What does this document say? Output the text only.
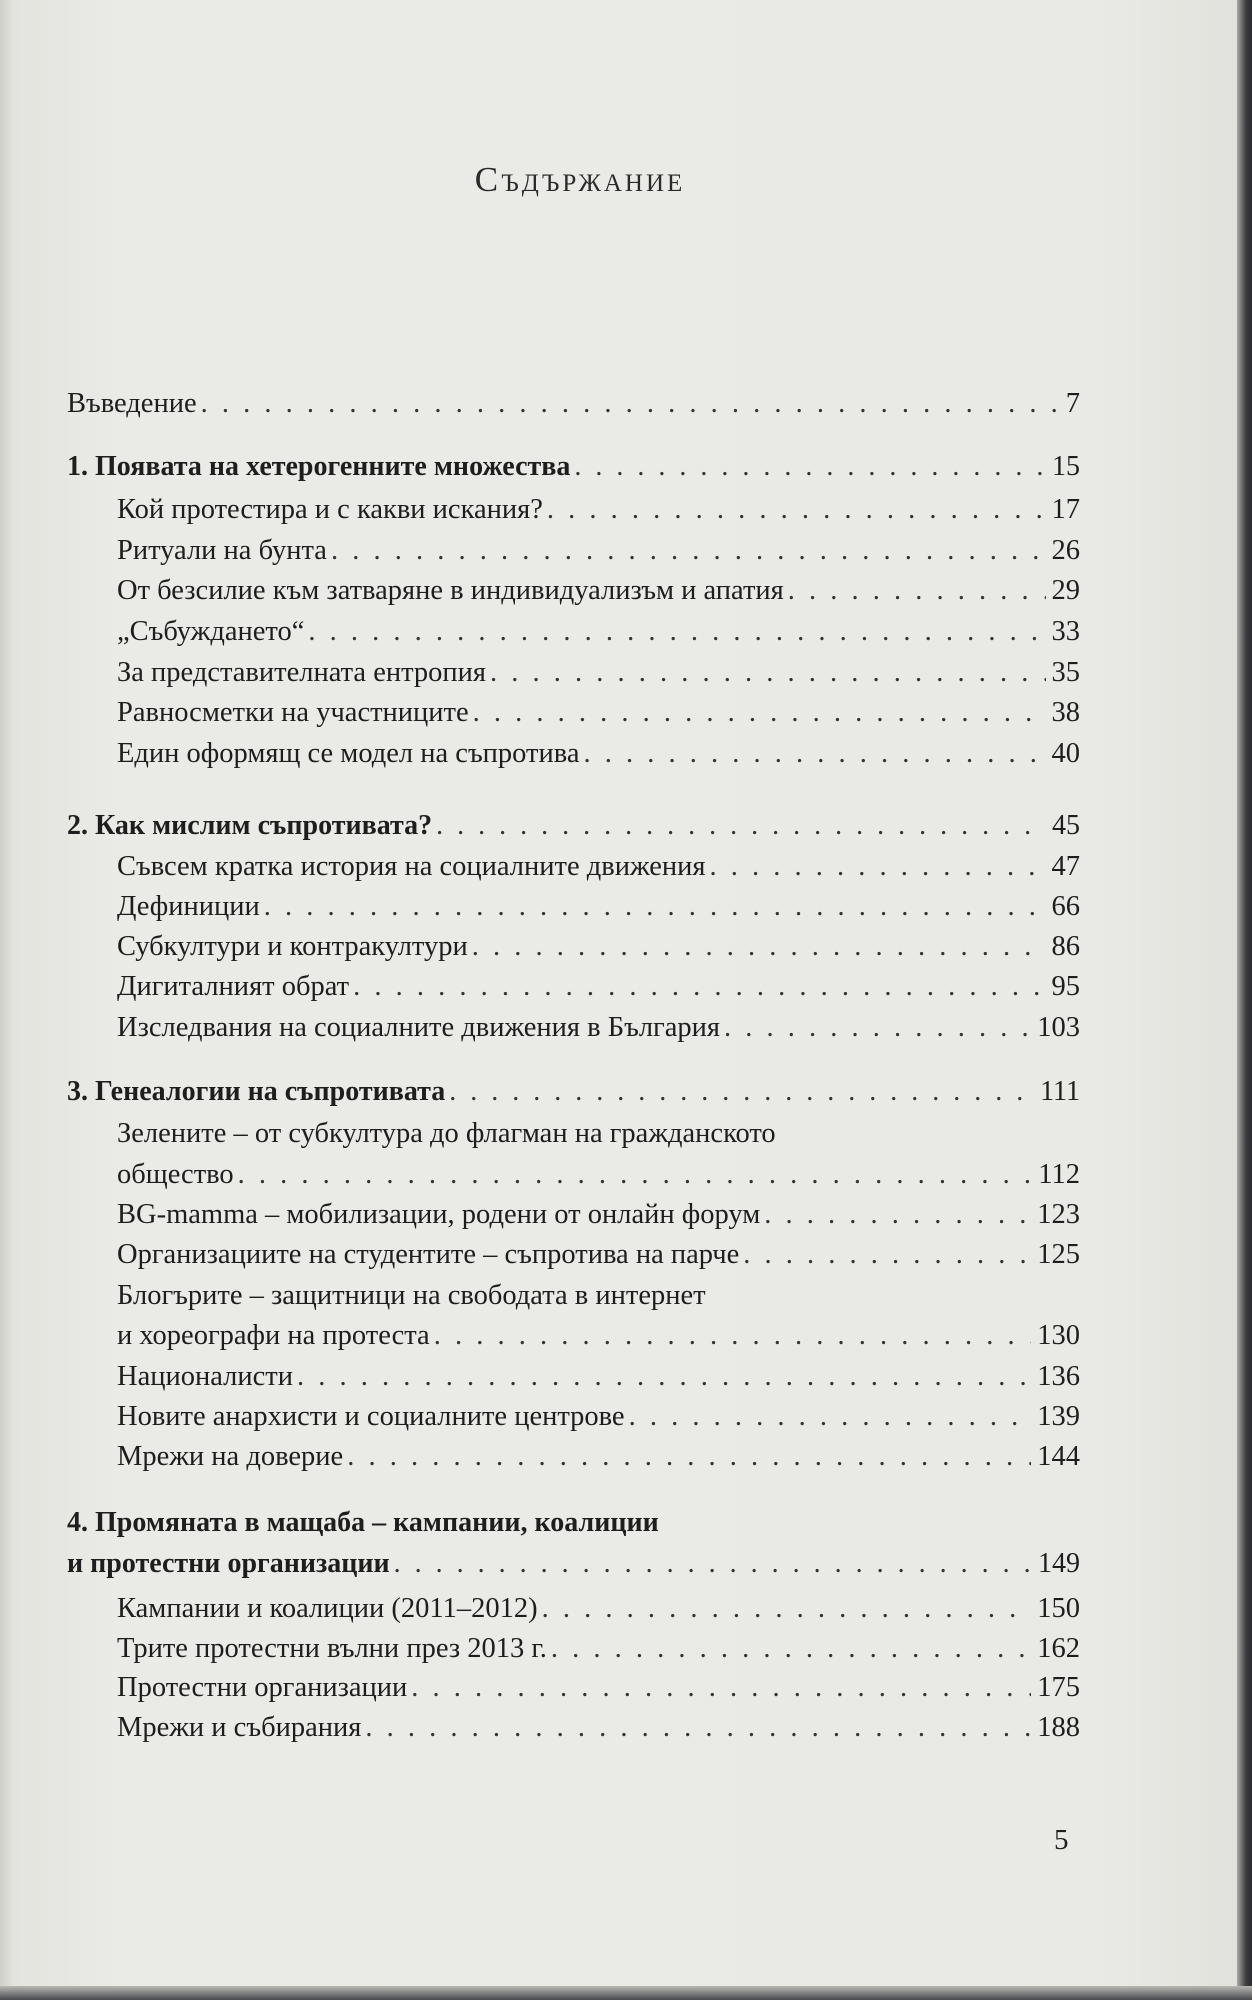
Съдържание
Въведение . . .	7
1. Появата на хетерогенните множества . . .	15
Кой протестира и с какви искания? . . .	17
Ритуали на бунта . . .	26
От безсилие към затваряне в индивидуализъм и апатия . . .	29
„Събуждането“ . . .	33
За представителната ентропия . . .	35
Равносметки на участниците . . .	38
Един оформящ се модел на съпротива . . .	40
2. Как мислим съпротивата? . . .	45
Съвсем кратка история на социалните движения . . .	47
Дефиниции . . .	66
Субкултури и контракултури . . .	86
Дигиталният обрат . . .	95
Изследвания на социалните движения в България . . .	103
3. Генеалогии на съпротивата . . .	111
Зелените – от субкултура до флагман на гражданското
общество . . .	112
BG-mamma – мобилизации, родени от онлайн форум . . .	123
Организациите на студентите – съпротива на парче . . .	125
Блогърите – защитници на свободата в интернет
и хореографи на протеста . . .	130
Националисти . . .	136
Новите анархисти и социалните центрове . . .	139
Мрежи на доверие . . .	144
4. Промяната в мащаба – кампании, коалиции
и протестни организации . . .	149
Кампании и коалиции (2011–2012) . . .	150
Трите протестни вълни през 2013 г. . . .	162
Протестни организации . . .	175
Мрежи и събирания . . .	188
5
